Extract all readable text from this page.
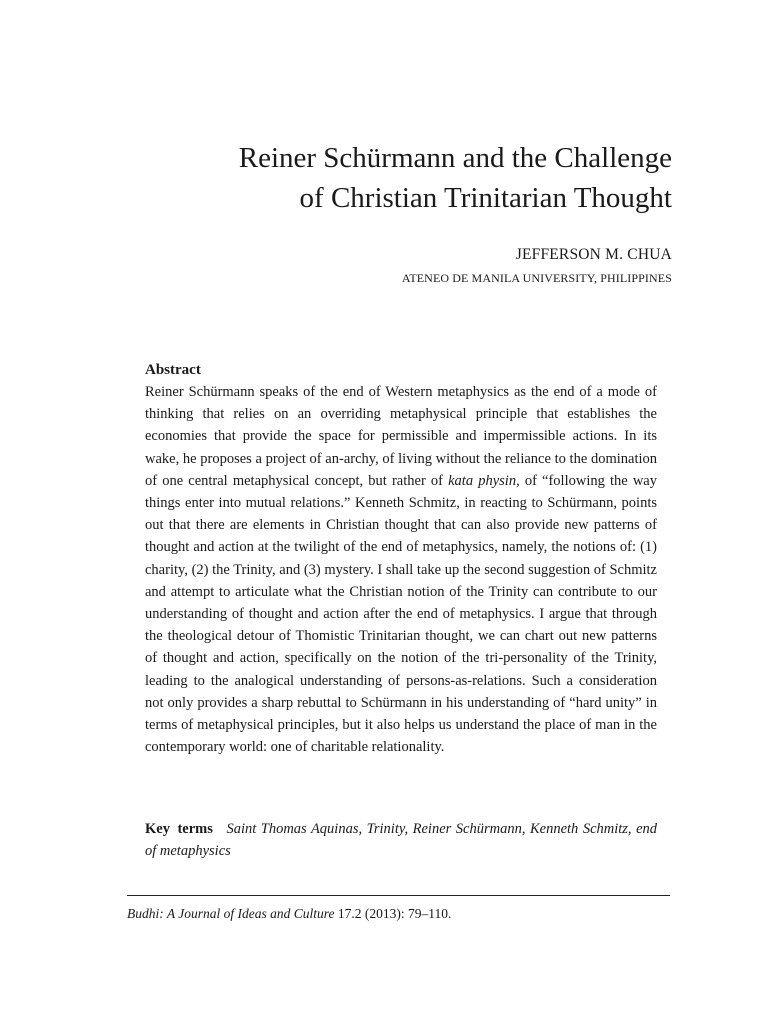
Reiner Schürmann and the Challenge
of Christian Trinitarian Thought
JEFFERSON M. CHUA
ATENEO DE MANILA UNIVERSITY, PHILIPPINES

Abstract

Reiner Schürmann speaks of the end of Western metaphysics as the end of a mode of thinking that relies on an overriding metaphysical principle that establishes the economies that provide the space for permissible and impermissible actions. In its wake, he proposes a project of an-archy, of living without the reliance to the domination of one central metaphysical concept, but rather of kata physin, of “following the way things enter into mutual relations.” Kenneth Schmitz, in reacting to Schürmann, points out that there are elements in Christian thought that can also provide new patterns of thought and action at the twilight of the end of metaphysics, namely, the notions of: (1) charity, (2) the Trinity, and (3) mystery. I shall take up the second suggestion of Schmitz and attempt to articulate what the Christian notion of the Trinity can contribute to our understanding of thought and action after the end of metaphysics. I argue that through the theological detour of Thomistic Trinitarian thought, we can chart out new patterns of thought and action, specifically on the notion of the tri-personality of the Trinity, leading to the analogical understanding of persons-as-relations. Such a consideration not only provides a sharp rebuttal to Schürmann in his understanding of “hard unity” in terms of metaphysical principles, but it also helps us understand the place of man in the contemporary world: one of charitable relationality.

Key terms Saint Thomas Aquinas, Trinity, Reiner Schürmann, Kenneth Schmitz, end of metaphysics

Budhi: A Journal of Ideas and Culture 17.2 (2013): 79–110.
